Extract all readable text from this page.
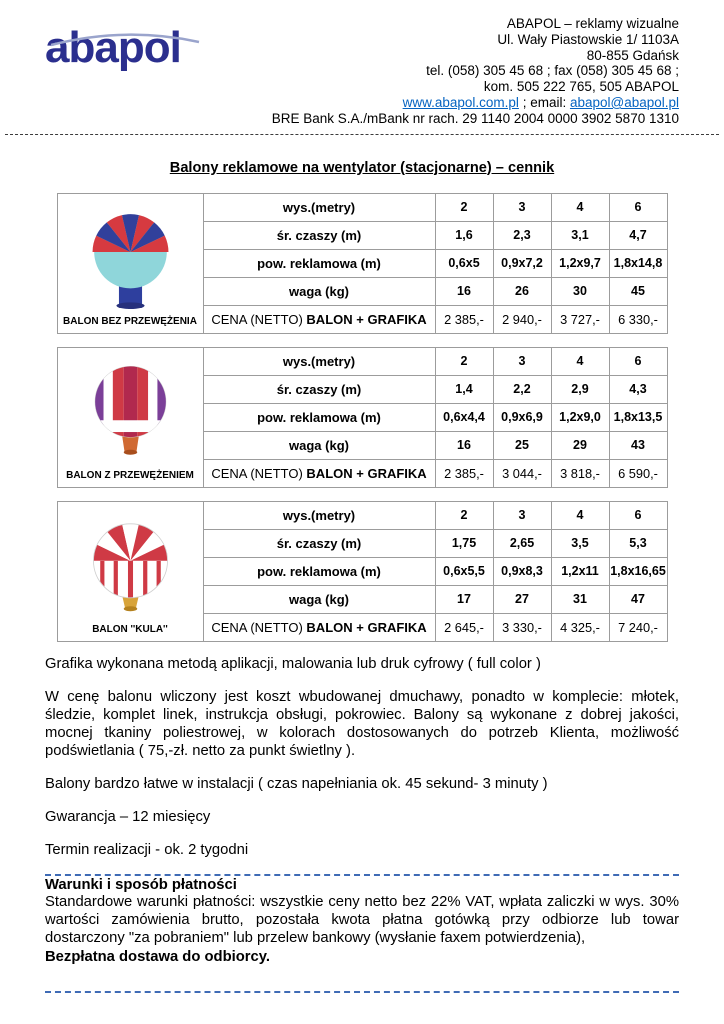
abapol	ABAPOL – reklamy wizualne
Ul. Wały Piastowskie 1/ 1103A
80-855 Gdańsk
tel. (058) 305 45 68 ; fax (058) 305 45 68 ;
kom. 505 222 765, 505 ABAPOL
www.abapol.com.pl ; email: abapol@abapol.pl
BRE Bank S.A./mBank nr rach. 29 1140 2004 0000 3902 5870 1310
Balony reklamowe na wentylator (stacjonarne) – cennik
BALON BEZ PRZEWĘŻENIA	wys.(metry)	2	3	4	6
	śr. czaszy (m)	1,6	2,3	3,1	4,7
	pow. reklamowa (m)	0,6x5	0,9x7,2	1,2x9,7	1,8x14,8
	waga (kg)	16	26	30	45
	CENA (NETTO) BALON + GRAFIKA	2 385,-	2 940,-	3 727,-	6 330,-
BALON Z PRZEWĘŻENIEM	wys.(metry)	2	3	4	6
	śr. czaszy (m)	1,4	2,2	2,9	4,3
	pow. reklamowa (m)	0,6x4,4	0,9x6,9	1,2x9,0	1,8x13,5
	waga (kg)	16	25	29	43
	CENA (NETTO) BALON + GRAFIKA	2 385,-	3 044,-	3 818,-	6 590,-
BALON ''KULA''	wys.(metry)	2	3	4	6
	śr. czaszy (m)	1,75	2,65	3,5	5,3
	pow. reklamowa (m)	0,6x5,5	0,9x8,3	1,2x11	1,8x16,65
	waga (kg)	17	27	31	47
	CENA (NETTO) BALON + GRAFIKA	2 645,-	3 330,-	4 325,-	7 240,-

Grafika wykonana metodą aplikacji, malowania lub druk cyfrowy ( full color )

W cenę balonu wliczony jest koszt wbudowanej dmuchawy, ponadto w komplecie: młotek, śledzie, komplet linek, instrukcja obsługi, pokrowiec. Balony są wykonane z dobrej jakości, mocnej tkaniny poliestrowej, w kolorach dostosowanych do potrzeb Klienta, możliwość podświetlania ( 75,-zł. netto za punkt świetlny ).

Balony bardzo łatwe w instalacji ( czas napełniania ok. 45 sekund- 3 minuty )

Gwarancja – 12 miesięcy

Termin realizacji - ok. 2 tygodni

Warunki i sposób płatności

Standardowe warunki płatności: wszystkie ceny netto bez 22% VAT, wpłata zaliczki w wys. 30% wartości zamówienia brutto, pozostała kwota płatna gotówką przy odbiorze lub towar dostarczony "za pobraniem" lub przelew bankowy (wysłanie faxem potwierdzenia),

Bezpłatna dostawa do odbiorcy.
